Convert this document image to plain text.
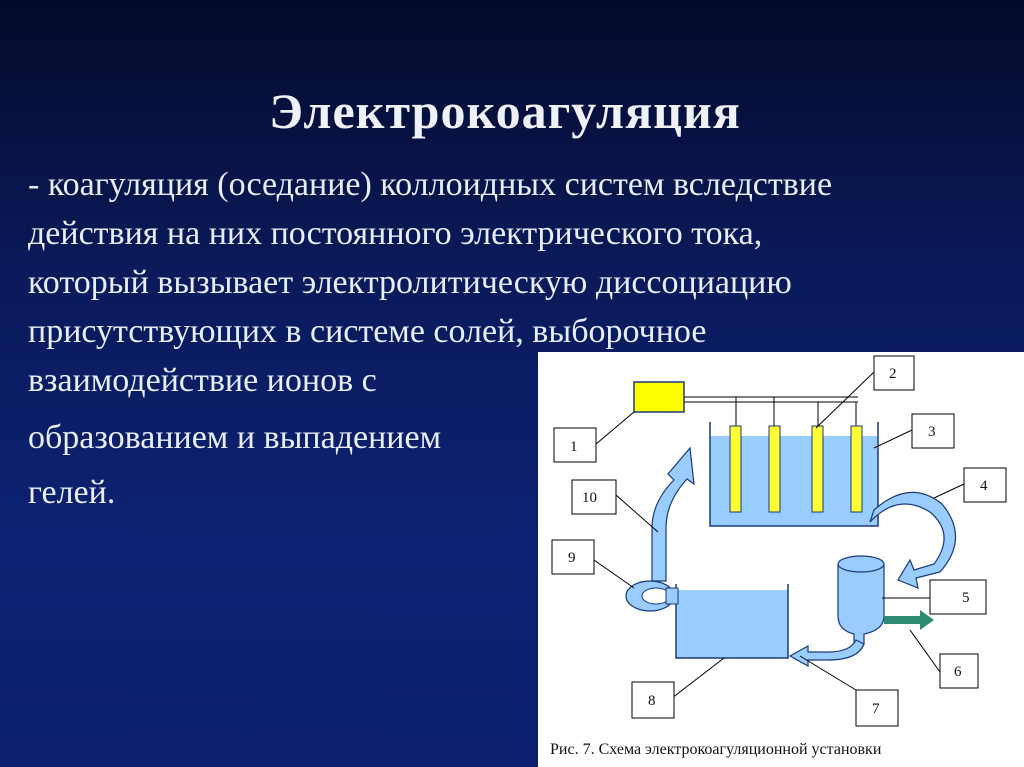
Электрокоагуляция
- коагуляция (оседание) коллоидных систем вследствие
действия на них постоянного электрического тока,
который вызывает электролитическую диссоциацию
присутствующих в системе солей, выборочное
взаимодействие ионов с
образованием и выпадением
гелей.
1
2
3
4
5
6
7
8
9
10
Рис. 7. Схема электрокоагуляционной установки
